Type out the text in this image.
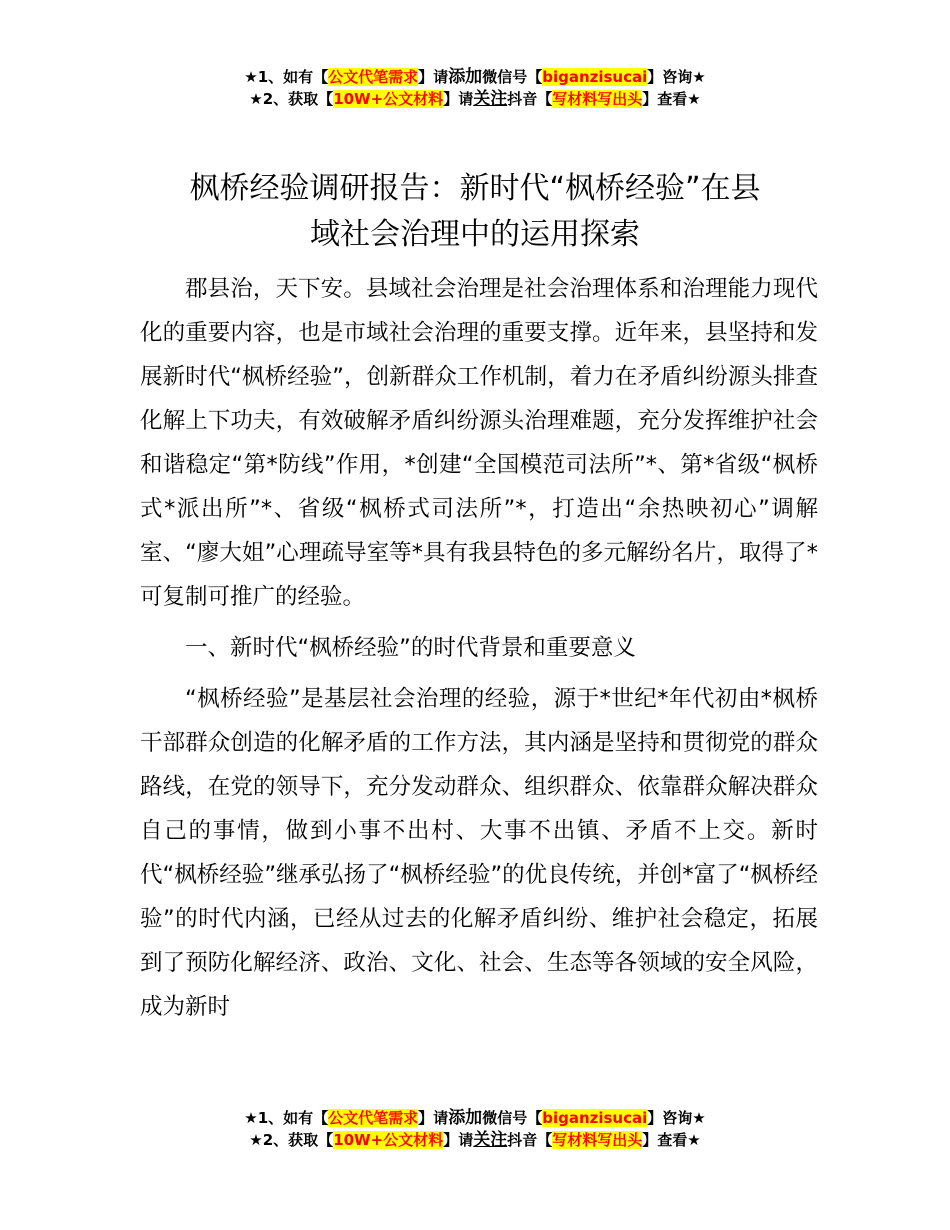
★1、如有【公文代笔需求】请添加微信号【biganzisucai】咨询★
★2、获取【10W+公文材料】请关注抖音【写材料写出头】查看★
枫桥经验调研报告：新时代“枫桥经验”在县
域社会治理中的运用探索

郡县治，天下安。县域社会治理是社会治理体系和治理能力现代化的重要内容，也是市域社会治理的重要支撑。近年来，县坚持和发展新时代“枫桥经验”，创新群众工作机制，着力在矛盾纠纷源头排查化解上下功夫，有效破解矛盾纠纷源头治理难题，充分发挥维护社会和谐稳定“第*防线”作用，*创建“全国模范司法所”*、第*省级“枫桥式*派出所”*、省级“枫桥式司法所”*，打造出“余热映初心”调解室、“廖大姐”心理疏导室等*具有我县特色的多元解纷名片，取得了*可复制可推广的经验。

一、新时代“枫桥经验”的时代背景和重要意义

“枫桥经验”是基层社会治理的经验，源于*世纪*年代初由*枫桥干部群众创造的化解矛盾的工作方法，其内涵是坚持和贯彻党的群众路线，在党的领导下，充分发动群众、组织群众、依靠群众解决群众自己的事情，做到小事不出村、大事不出镇、矛盾不上交。新时代“枫桥经验”继承弘扬了“枫桥经验”的优良传统，并创*富了“枫桥经验”的时代内涵，已经从过去的化解矛盾纠纷、维护社会稳定，拓展到了预防化解经济、政治、文化、社会、生态等各领域的安全风险，成为新时

★1、如有【公文代笔需求】请添加微信号【biganzisucai】咨询★
★2、获取【10W+公文材料】请关注抖音【写材料写出头】查看★
